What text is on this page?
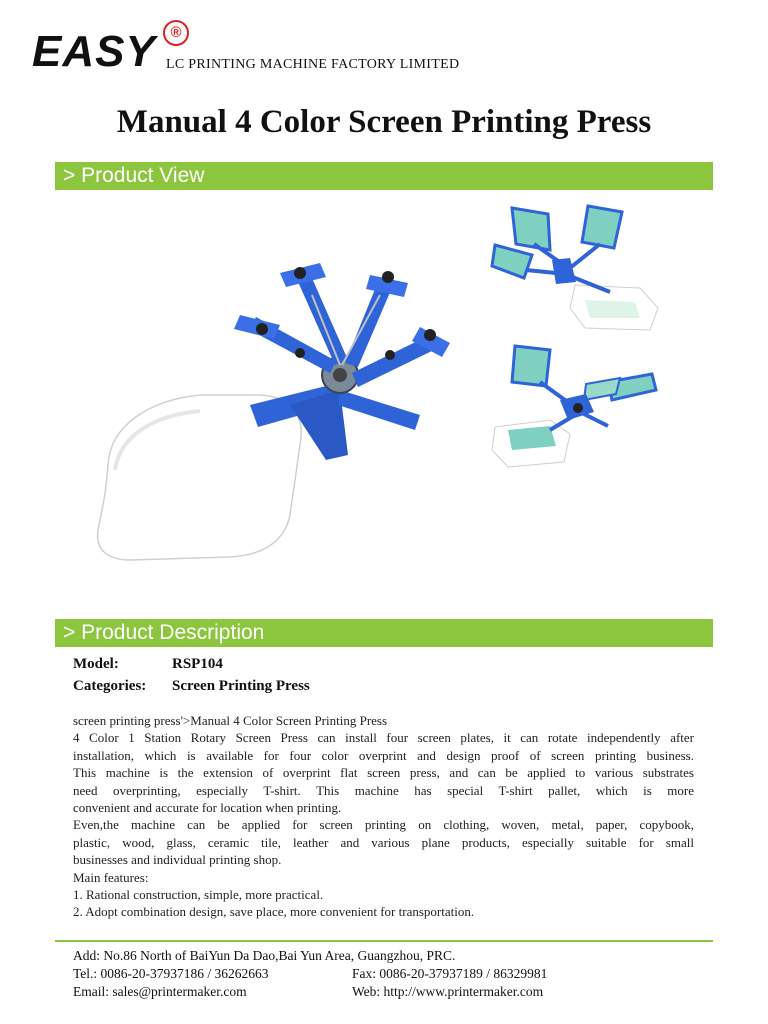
EASY ®
LC PRINTING MACHINE FACTORY LIMITED
Manual 4 Color Screen Printing Press
> Product View
> Product Description
Model:	RSP104
Categories: Screen Printing Press

screen printing press'>Manual 4 Color Screen Printing Press

4 Color 1 Station Rotary Screen Press can install four screen plates, it can rotate independently after

installation, which is available for four color overprint and design proof of screen printing business.

This machine is the extension of overprint flat screen press, and can be applied to various substrates

need overprinting, especially T-shirt. This machine has special T-shirt pallet, which is more

convenient and accurate for location when printing.

Even,the machine can be applied for screen printing on clothing, woven, metal, paper, copybook,

plastic, wood, glass, ceramic tile, leather and various plane products, especially suitable for small

businesses and individual printing shop.

Main features:

1. Rational construction, simple, more practical.

2. Adopt combination design, save place, more convenient for transportation.

Add: No.86 North of BaiYun Da Dao,Bai Yun Area, Guangzhou, PRC.
Tel.: 0086-20-37937186 / 36262663	Fax: 0086-20-37937189 / 86329981
Email: sales@printermaker.com	Web: http://www.printermaker.com
